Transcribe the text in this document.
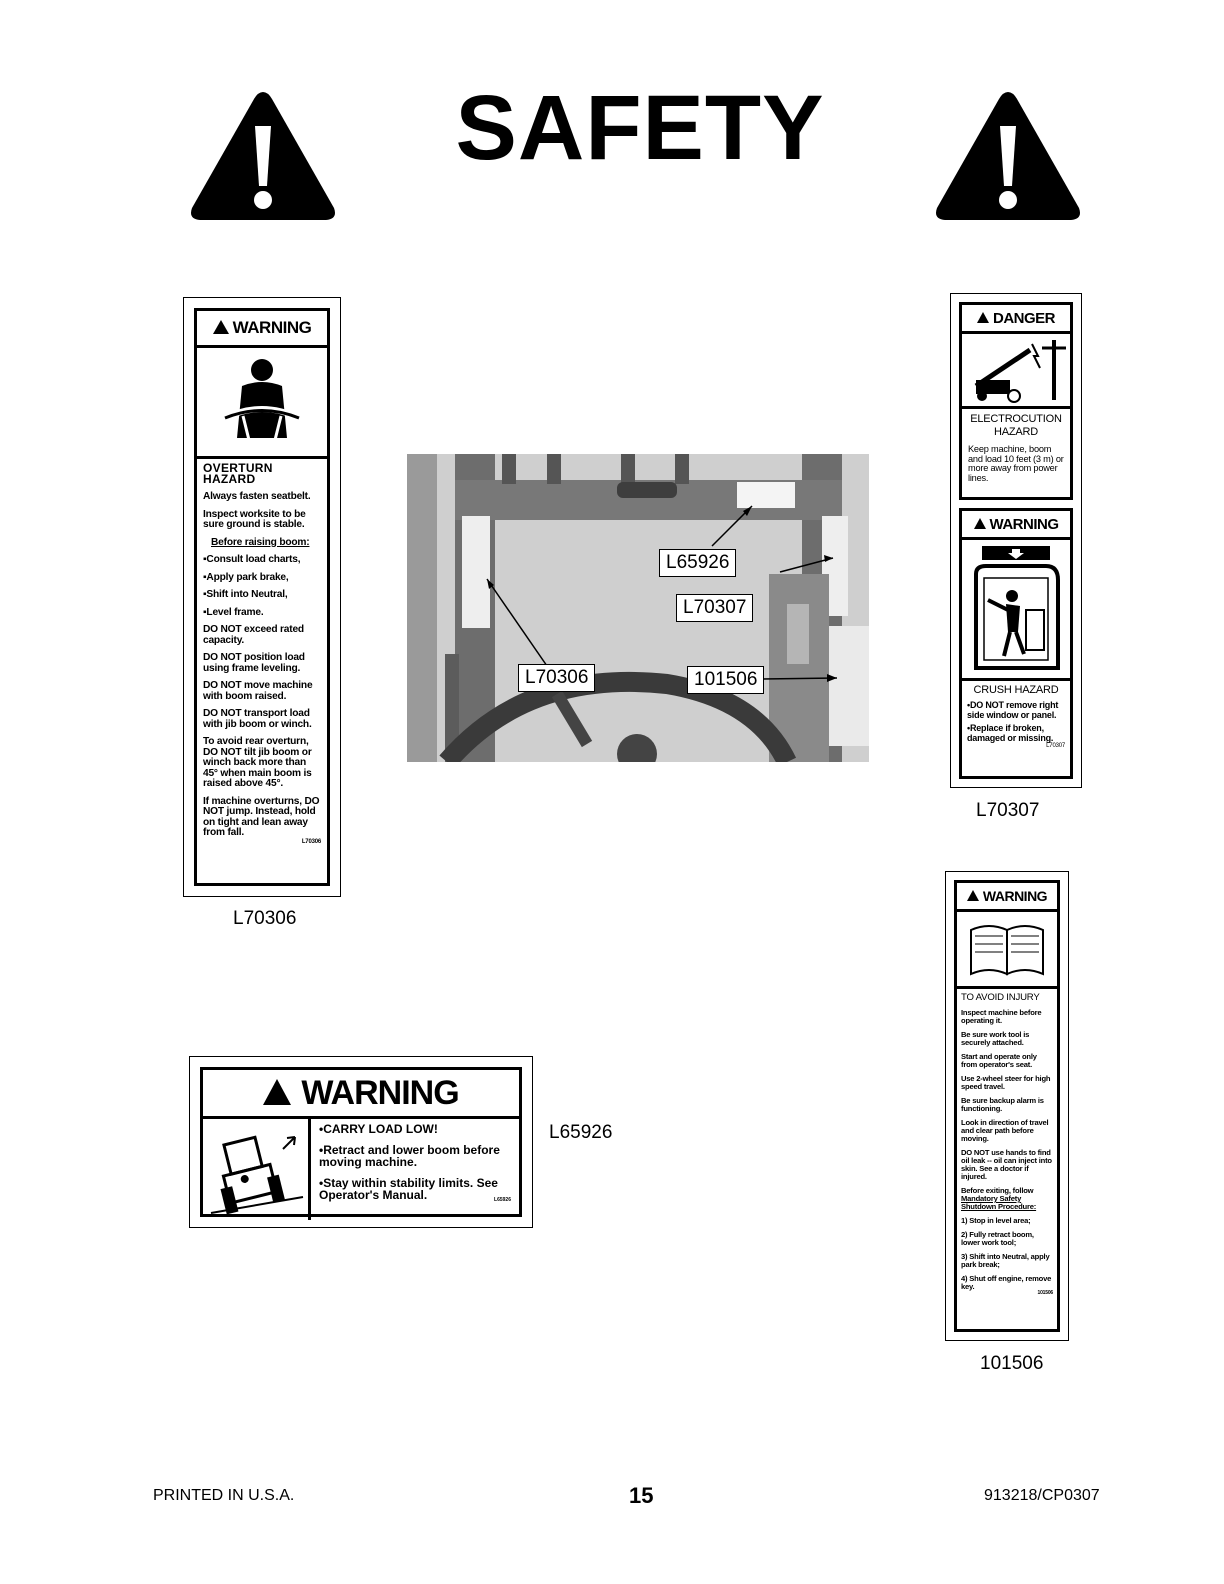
SAFETY
WARNING
OVERTURN HAZARD

Always fasten seatbelt.

Inspect worksite to be sure ground is stable.

Before raising boom:

▪ Consult load charts,

▪ Apply park brake,

▪ Shift into Neutral,

▪ Level frame.

DO NOT exceed rated capacity.

DO NOT position load using frame leveling.

DO NOT move machine with boom raised.

DO NOT transport load with jib boom or winch.

To avoid rear overturn, DO NOT tilt jib boom or winch back more than 45° when main boom is raised above 45°.

If machine overturns, DO NOT jump. Instead, hold on tight and lean away from fall.

L70306
L70306
L65926
L70307
L70306	101506
DANGER
ELECTROCUTION HAZARD
Keep machine, boom and load 10 feet (3 m) or more away from power lines.
WARNING
CRUSH HAZARD

• DO NOT remove right side window or panel.

• Replace if broken, damaged or missing.

L70307
L70307
WARNING
TO AVOID INJURY

Inspect machine before operating it.

Be sure work tool is securely attached.

Start and operate only from operator's seat.

Use 2-wheel steer for high speed travel.

Be sure backup alarm is functioning.

Look in direction of travel and clear path before moving.

DO NOT use hands to find oil leak -- oil can inject into skin. See a doctor if injured.

Before exiting, follow

Mandatory Safety Shutdown Procedure:

1) Stop in level area;

2) Fully retract boom, lower work tool;

3) Shift into Neutral, apply park break;

4) Shut off engine, remove key.

101506
101506
WARNING

• CARRY LOAD LOW!

• Retract and lower boom before moving machine.

• Stay within stability limits. See Operator's Manual.	L65926
L65926
PRINTED IN U.S.A.	15	913218/CP0307
